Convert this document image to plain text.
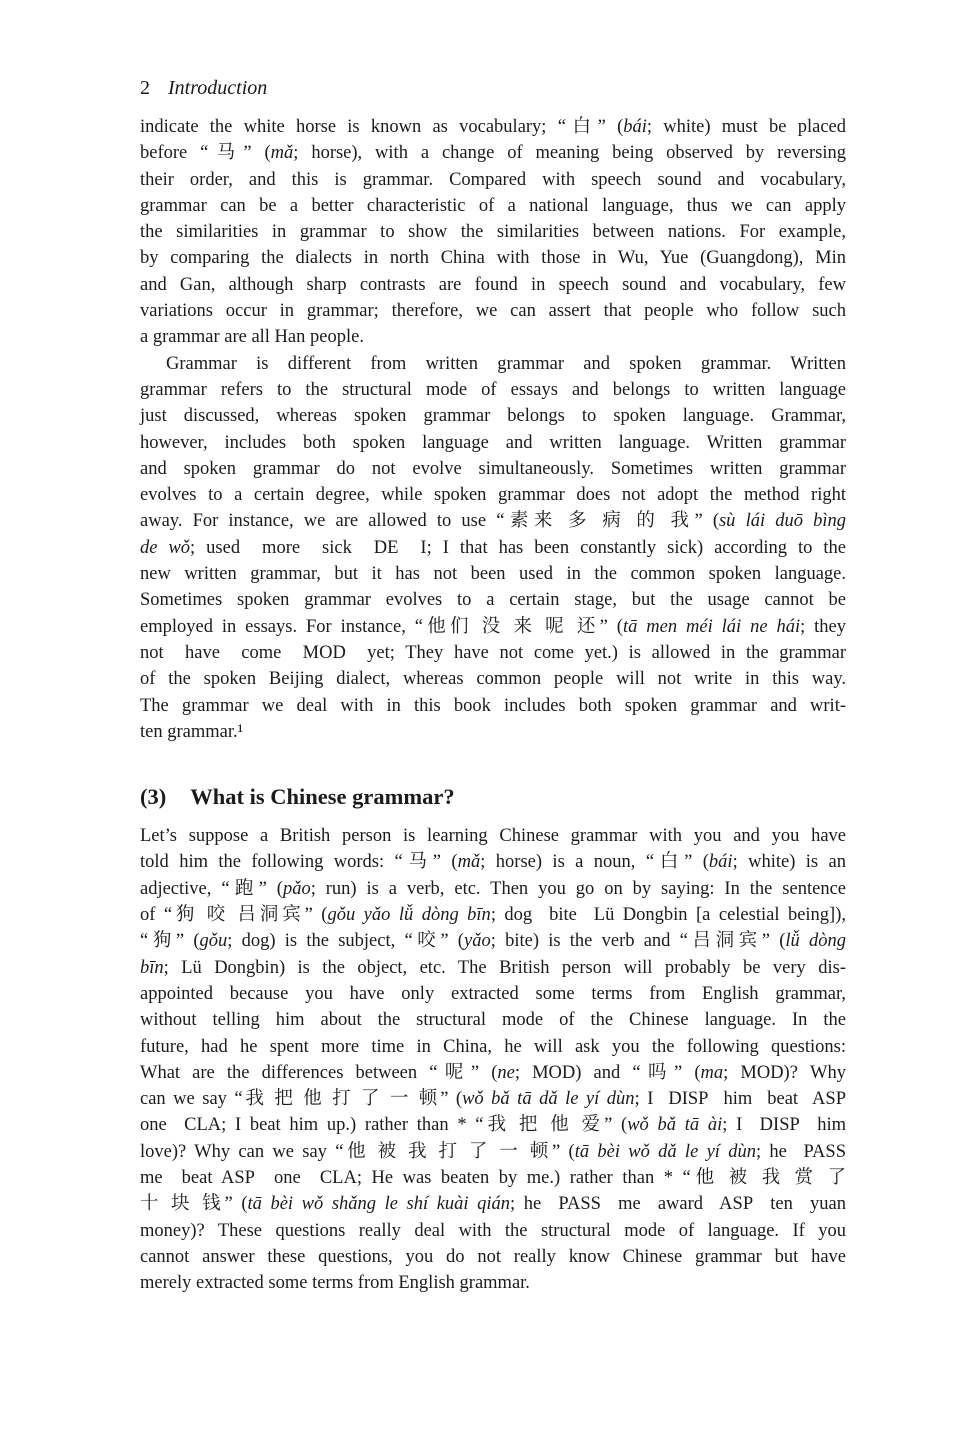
2 Introduction
indicate the white horse is known as vocabulary; “白” (bái; white) must be placed
before “马” (mǎ; horse), with a change of meaning being observed by reversing
their order, and this is grammar. Compared with speech sound and vocabulary,
grammar can be a better characteristic of a national language, thus we can apply
the similarities in grammar to show the similarities between nations. For example,
by comparing the dialects in north China with those in Wu, Yue (Guangdong), Min
and Gan, although sharp contrasts are found in speech sound and vocabulary, few
variations occur in grammar; therefore, we can assert that people who follow such
a grammar are all Han people.
Grammar is different from written grammar and spoken grammar. Written
grammar refers to the structural mode of essays and belongs to written language
just discussed, whereas spoken grammar belongs to spoken language. Grammar,
however, includes both spoken language and written language. Written grammar
and spoken grammar do not evolve simultaneously. Sometimes written grammar
evolves to a certain degree, while spoken grammar does not adopt the method right
away. For instance, we are allowed to use “素来 多 病 的 我” (sù lái duō bìng
de wǒ; used  more  sick  DE  I; I that has been constantly sick) according to the
new written grammar, but it has not been used in the common spoken language.
Sometimes spoken grammar evolves to a certain stage, but the usage cannot be
employed in essays. For instance, “他们 没 来 呢 还” (tā men méi lái ne hái; they
not  have  come  MOD  yet; They have not come yet.) is allowed in the grammar
of the spoken Beijing dialect, whereas common people will not write in this way.
The grammar we deal with in this book includes both spoken grammar and writ-
ten grammar.¹
(3) What is Chinese grammar?
Let’s suppose a British person is learning Chinese grammar with you and you have
told him the following words: “马” (mǎ; horse) is a noun, “白” (bái; white) is an
adjective, “跑” (pǎo; run) is a verb, etc. Then you go on by saying: In the sentence
of “狗 咬 吕洞宾” (gǒu yǎo lǚ dòng bīn; dog  bite  Lü Dongbin [a celestial being]),
“狗” (gǒu; dog) is the subject, “咬” (yǎo; bite) is the verb and “吕洞宾” (lǚ dòng
bīn; Lü Dongbin) is the object, etc. The British person will probably be very dis-
appointed because you have only extracted some terms from English grammar,
without telling him about the structural mode of the Chinese language. In the
future, had he spent more time in China, he will ask you the following questions:
What are the differences between “呢” (ne; MOD) and “吗” (ma; MOD)? Why
can we say “我 把 他 打 了 一 顿” (wǒ bǎ tā dǎ le yí dùn; I  DISP  him  beat  ASP
one  CLA; I beat him up.) rather than * “我 把 他 爱” (wǒ bǎ tā ài; I  DISP  him
love)? Why can we say “他 被 我 打 了 一 顿” (tā bèi wǒ dǎ le yí dùn; he  PASS
me  beat ASP  one  CLA; He was beaten by me.) rather than * “他 被 我 赏 了
十 块 钱” (tā bèi wǒ shǎng le shí kuài qián; he  PASS  me  award  ASP  ten  yuan
money)? These questions really deal with the structural mode of language. If you
cannot answer these questions, you do not really know Chinese grammar but have
merely extracted some terms from English grammar.
